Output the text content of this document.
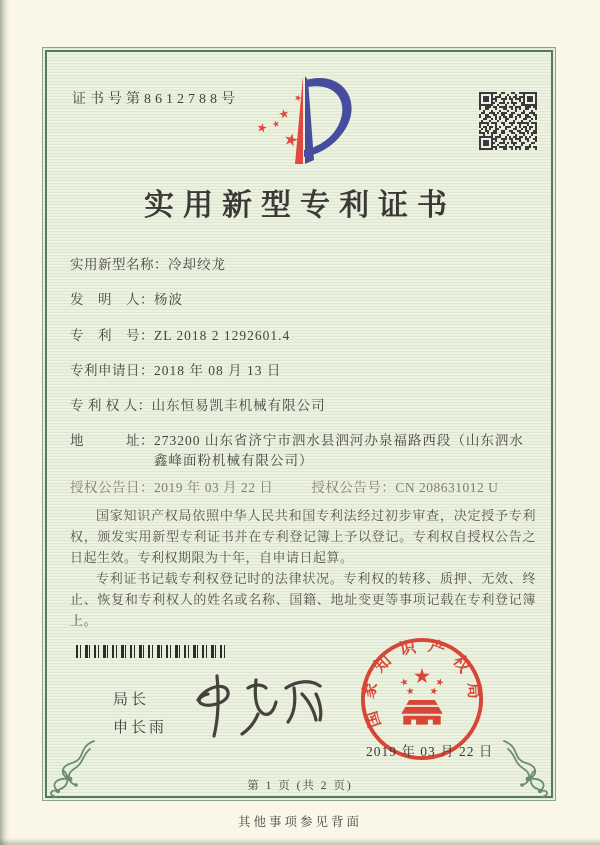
证书号第8612788号
实用新型专利证书
实用新型名称： 冷却绞龙
发　明　人： 杨波
专　利　号： ZL 2018 2 1292601.4
专利申请日： 2018 年 08 月 13 日
专 利 权 人： 山东恒易凯丰机械有限公司
地　　　址： 273200 山东省济宁市泗水县泗河办泉福路西段（山东泗水鑫峰面粉机械有限公司）
授权公告日： 2019 年 03 月 22 日	授权公告号： CN 208631012 U

国家知识产权局依照中华人民共和国专利法经过初步审查，决定授予专利权，颁发实用新型专利证书并在专利登记簿上予以登记。专利权自授权公告之日起生效。专利权期限为十年，自申请日起算。

专利证书记载专利权登记时的法律状况。专利权的转移、质押、无效、终止、恢复和专利权人的姓名或名称、国籍、地址变更等事项记载在专利登记簿上。

局长
申长雨	国家知识产权局
2019 年 03 月 22 日
第 1 页 (共 2 页)
其他事项参见背面
